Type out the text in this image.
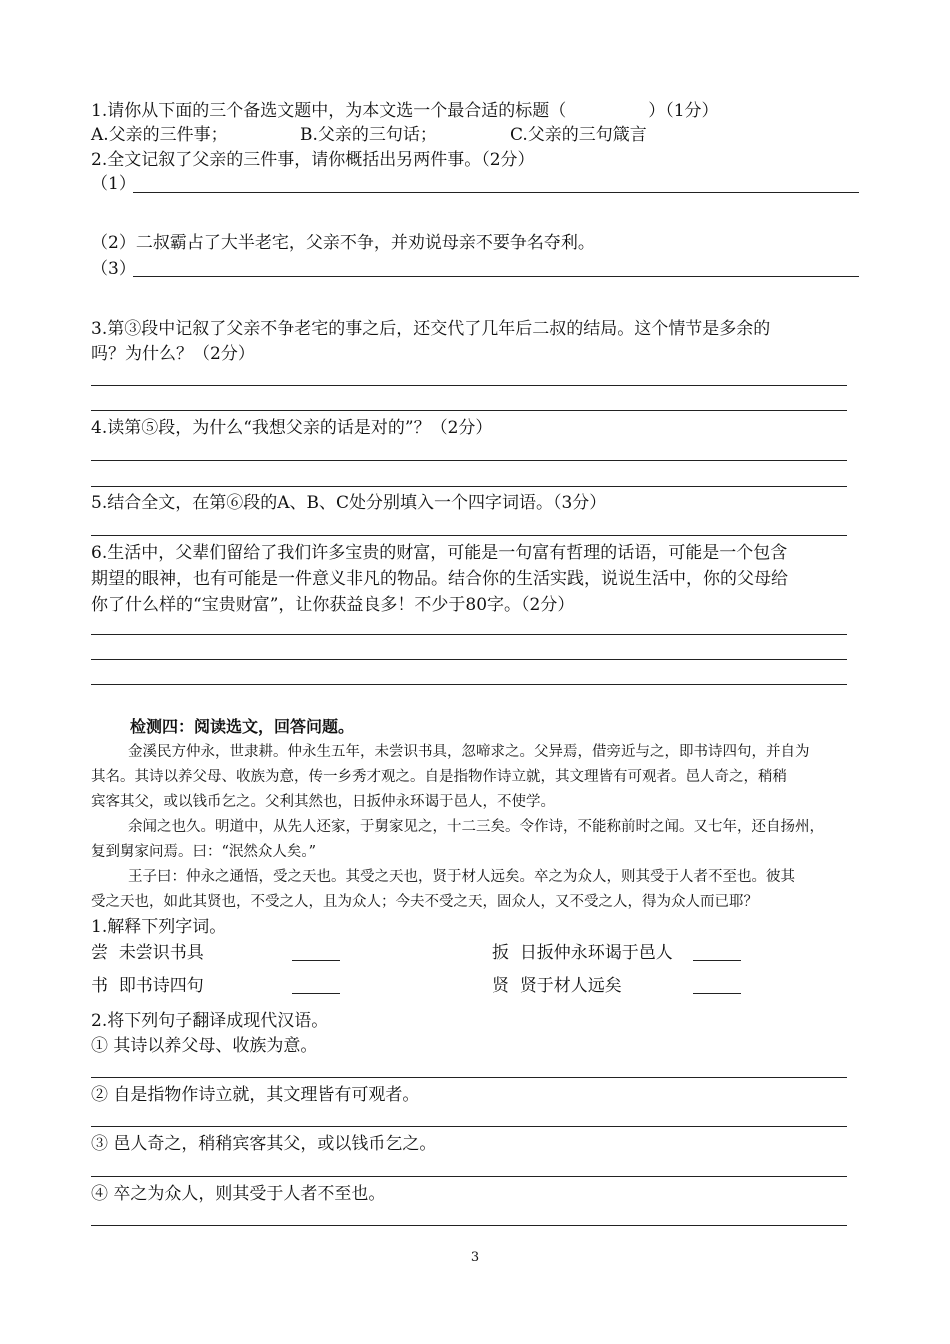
1.请你从下面的三个备选文题中，为本文选一个最合适的标题（	）（1分）
A.父亲的三件事；	B.父亲的三句话；	C.父亲的三句箴言
2.全文记叙了父亲的三件事，请你概括出另两件事。（2分）
（1）
（2）二叔霸占了大半老宅，父亲不争，并劝说母亲不要争名夺利。
（3）
3.第③段中记叙了父亲不争老宅的事之后，还交代了几年后二叔的结局。这个情节是多余的
吗？为什么？（2分）
4.读第⑤段，为什么“我想父亲的话是对的”？（2分）
5.结合全文，在第⑥段的A、B、C处分别填入一个四字词语。（3分）
6.生活中，父辈们留给了我们许多宝贵的财富，可能是一句富有哲理的话语，可能是一个包含
期望的眼神，也有可能是一件意义非凡的物品。结合你的生活实践，说说生活中，你的父母给
你了什么样的“宝贵财富”，让你获益良多！不少于80字。（2分）
检测四：阅读选文，回答问题。
金溪民方仲永，世隶耕。仲永生五年，未尝识书具，忽啼求之。父异焉，借旁近与之，即书诗四句，并自为
其名。其诗以养父母、收族为意，传一乡秀才观之。自是指物作诗立就，其文理皆有可观者。邑人奇之，稍稍
宾客其父，或以钱币乞之。父利其然也，日扳仲永环谒于邑人，不使学。
余闻之也久。明道中，从先人还家，于舅家见之，十二三矣。令作诗，不能称前时之闻。又七年，还自扬州，
复到舅家问焉。曰：“泯然众人矣。”
王子曰：仲永之通悟，受之天也。其受之天也，贤于材人远矣。卒之为众人，则其受于人者不至也。彼其
受之天也，如此其贤也，不受之人，且为众人；今夫不受之天，固众人，又不受之人，得为众人而已耶？
1.解释下列字词。
尝 未尝识书具	扳 日扳仲永环谒于邑人
书 即书诗四句	贤 贤于材人远矣
2.将下列句子翻译成现代汉语。
① 其诗以养父母、收族为意。
② 自是指物作诗立就，其文理皆有可观者。
③ 邑人奇之，稍稍宾客其父，或以钱币乞之。
④ 卒之为众人，则其受于人者不至也。
3
